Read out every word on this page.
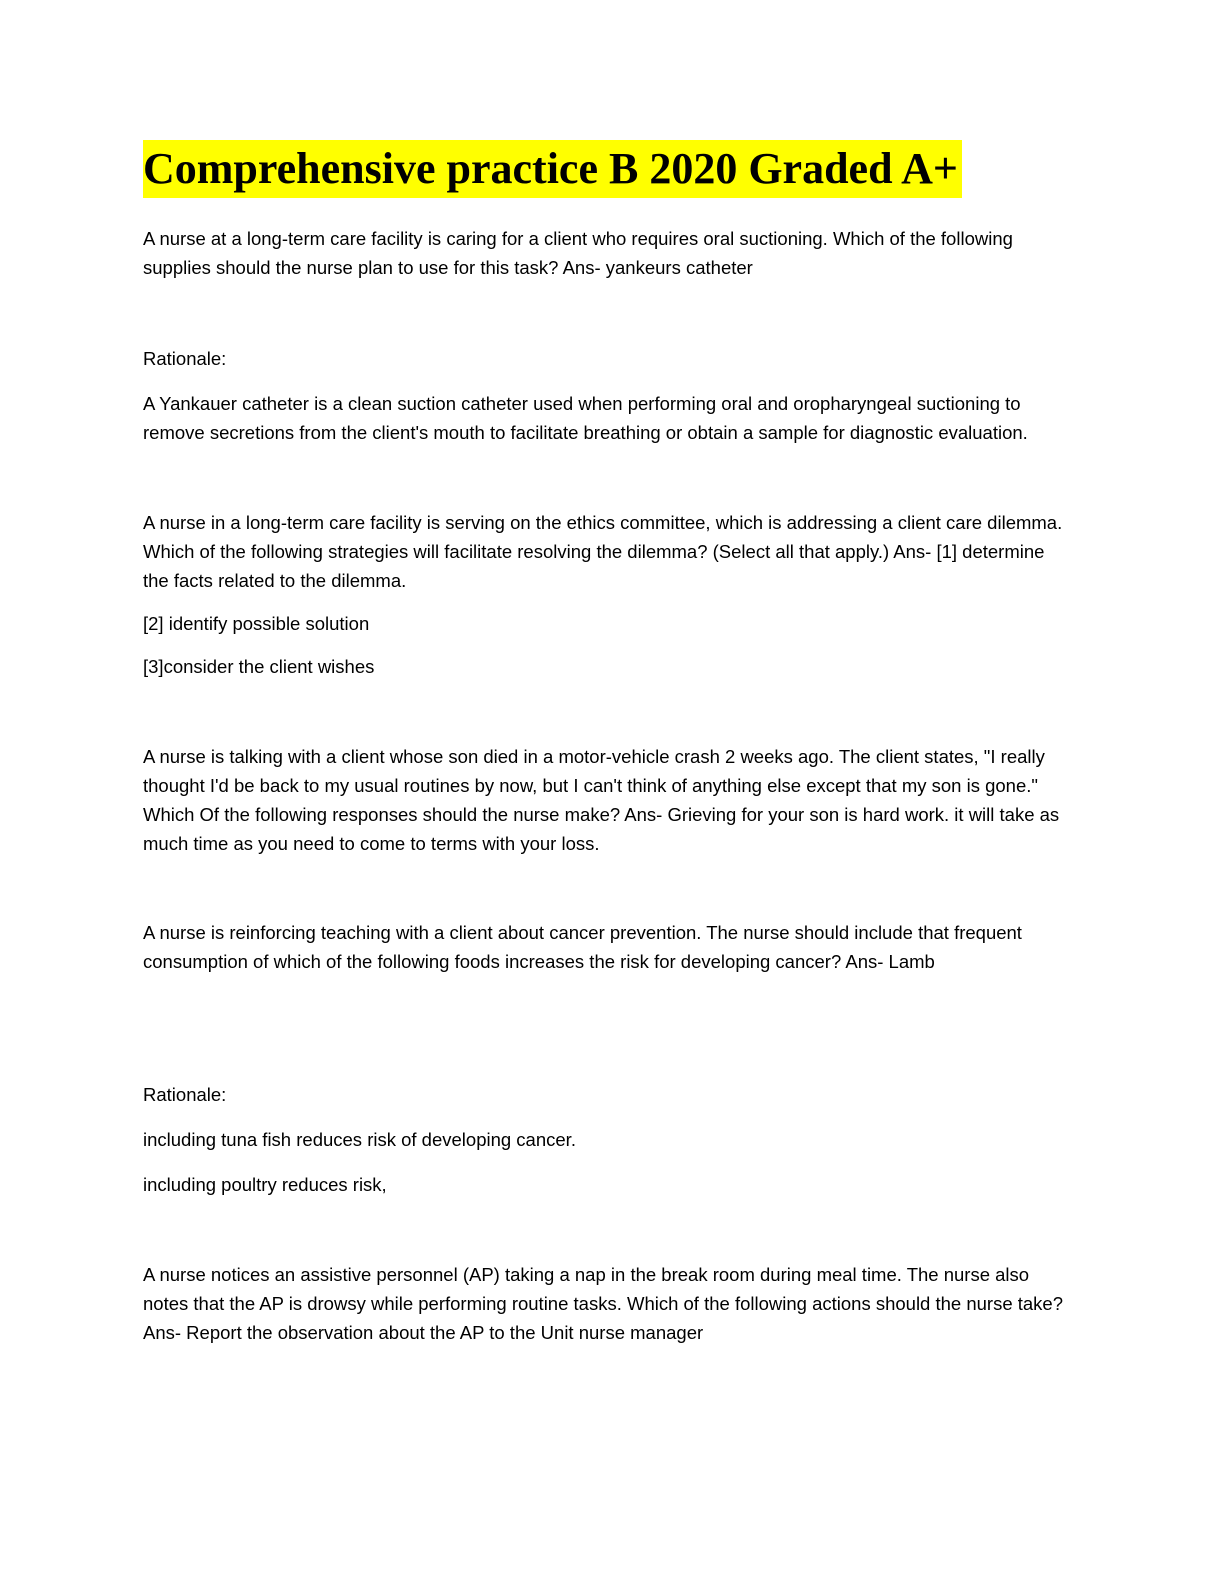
Comprehensive practice B 2020 Graded A+

A nurse at a long-term care facility is caring for a client who requires oral suctioning. Which of the following supplies should the nurse plan to use for this task? Ans- yankeurs catheter

Rationale:

A Yankauer catheter is a clean suction catheter used when performing oral and oropharyngeal suctioning to remove secretions from the client's mouth to facilitate breathing or obtain a sample for diagnostic evaluation.

A nurse in a long-term care facility is serving on the ethics committee, which is addressing a client care dilemma. Which of the following strategies will facilitate resolving the dilemma? (Select all that apply.) Ans- [1] determine the facts related to the dilemma.

[2] identify possible solution

[3]consider the client wishes

A nurse is talking with a client whose son died in a motor-vehicle crash 2 weeks ago. The client states, "I really thought I'd be back to my usual routines by now, but I can't think of anything else except that my son is gone." Which Of the following responses should the nurse make? Ans- Grieving for your son is hard work. it will take as much time as you need to come to terms with your loss.

A nurse is reinforcing teaching with a client about cancer prevention. The nurse should include that frequent consumption of which of the following foods increases the risk for developing cancer? Ans- Lamb

Rationale:

including tuna fish reduces risk of developing cancer.

including poultry reduces risk,

A nurse notices an assistive personnel (AP) taking a nap in the break room during meal time. The nurse also notes that the AP is drowsy while performing routine tasks. Which of the following actions should the nurse take? Ans- Report the observation about the AP to the Unit nurse manager
